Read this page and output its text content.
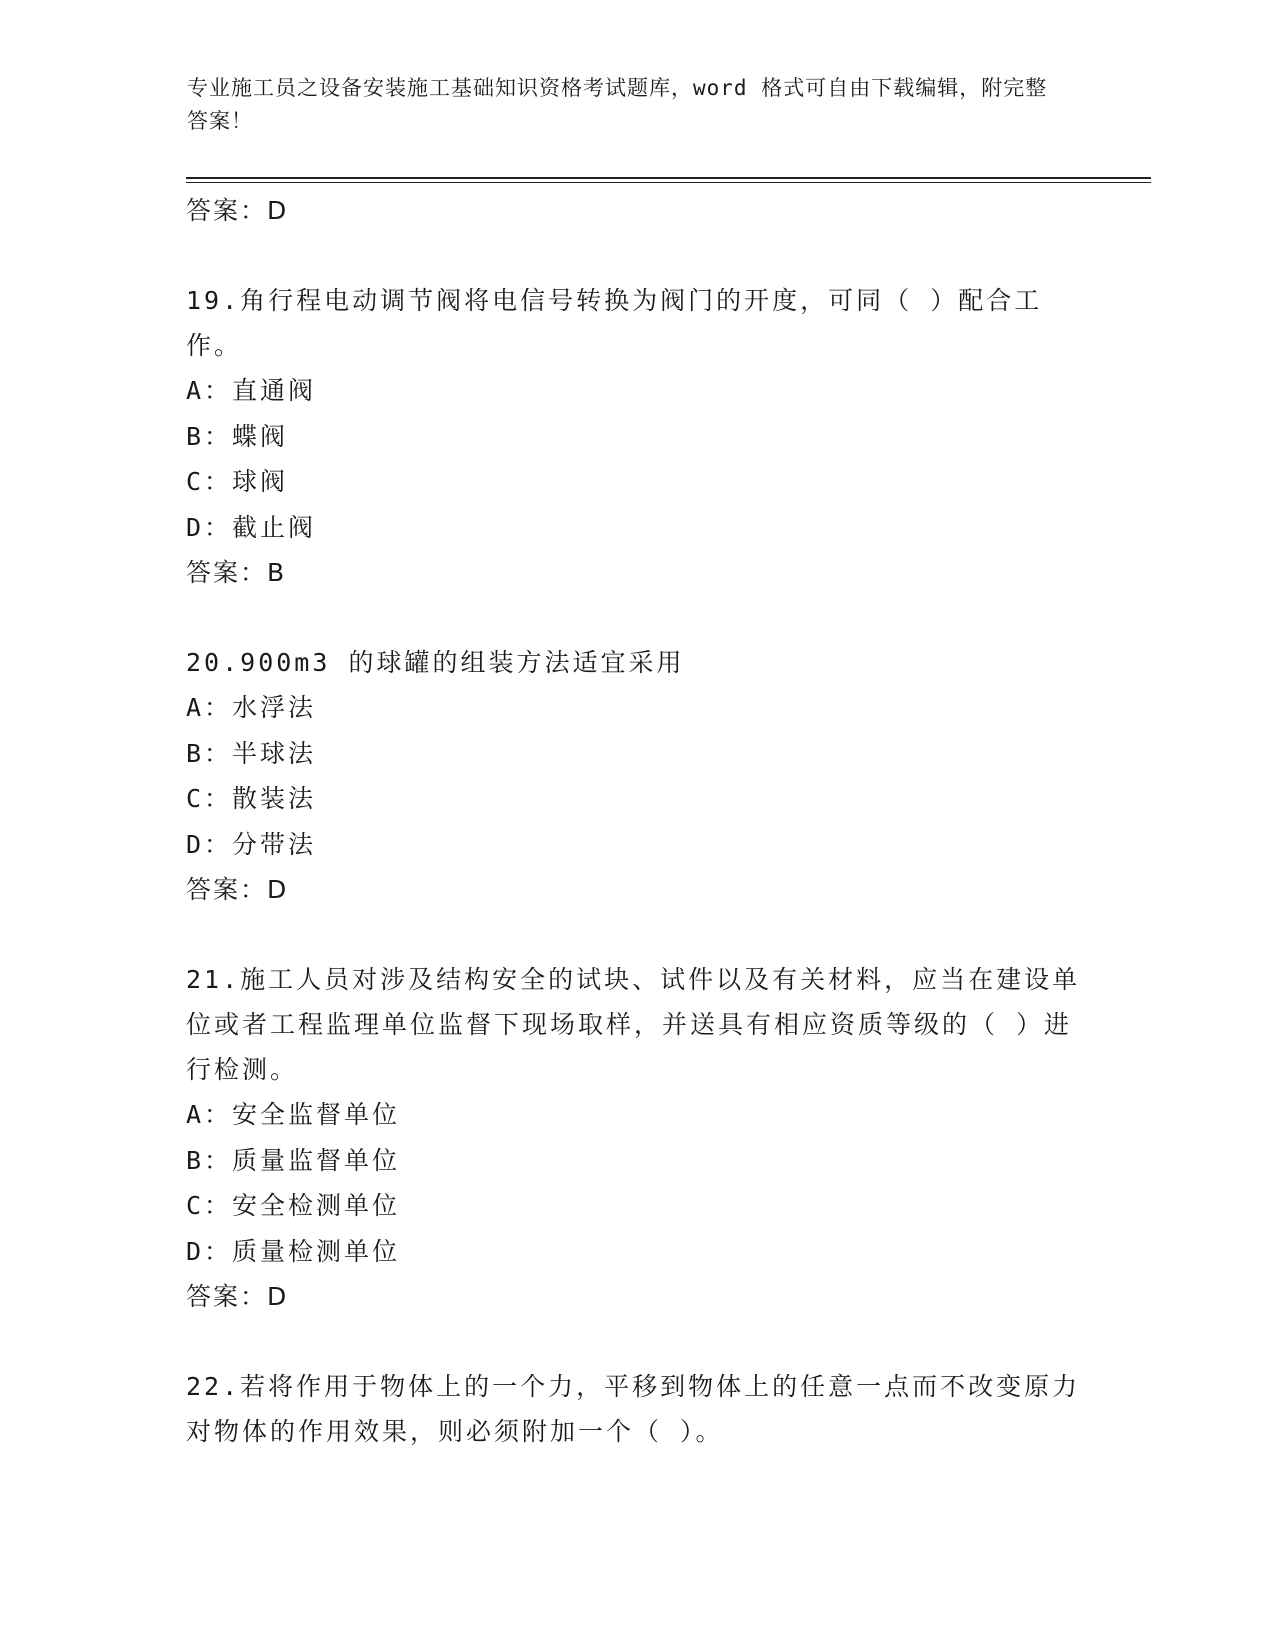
专业施工员之设备安装施工基础知识资格考试题库，word 格式可自由下载编辑，附完整答案！
答案：D
19.角行程电动调节阀将电信号转换为阀门的开度，可同（ ）配合工作。
A：直通阀
B：蝶阀
C：球阀
D：截止阀
答案：B
20.900m3 的球罐的组装方法适宜采用
A：水浮法
B：半球法
C：散装法
D：分带法
答案：D
21.施工人员对涉及结构安全的试块、试件以及有关材料，应当在建设单位或者工程监理单位监督下现场取样，并送具有相应资质等级的（ ）进行检测。
A：安全监督单位
B：质量监督单位
C：安全检测单位
D：质量检测单位
答案：D
22.若将作用于物体上的一个力，平移到物体上的任意一点而不改变原力对物体的作用效果，则必须附加一个（ ）。
